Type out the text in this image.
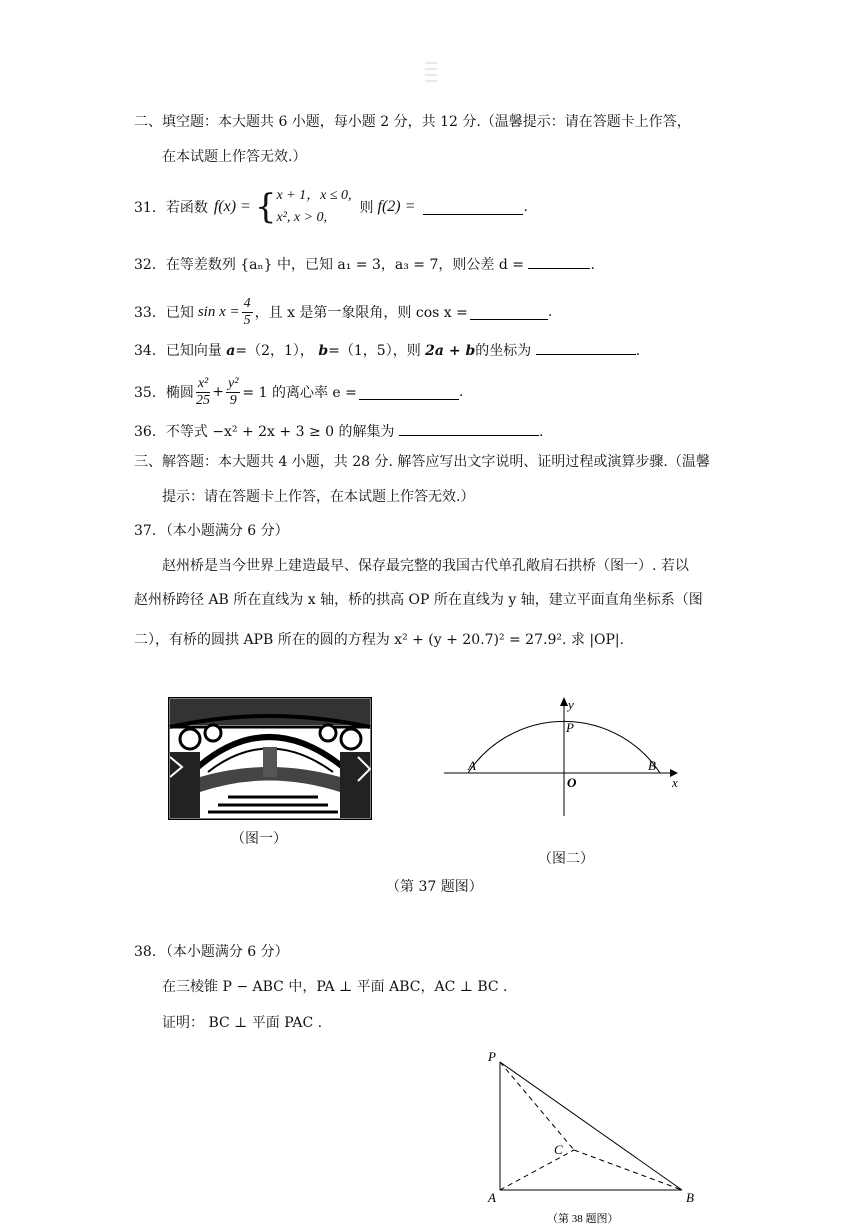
二、填空题：本大题共 6 小题，每小题 2 分，共 12 分.（温馨提示：请在答题卡上作答，
在本试题上作答无效.）
31． 若函数 f(x) = { x + 1，x ≤ 0,
x², x > 0,
则 f(2) =	.
32．在等差数列 {aₙ} 中，已知 a₁ = 3，a₃ = 7，则公差 d =	.
33． 已知 $\sin x = \frac{4}{5}$ ，且 x 是第一象限角，则 cos x =	.
34．已知向量 a=（2，1）， b=（1，5），则 2a + b的坐标为	.
35． 椭圆 $\frac{\text{x²}}{25} + \frac{\text{y²}}{9} = 1$ 的离心率 e =	.
36．不等式 −x² + 2x + 3 ≥ 0 的解集为	.
三、解答题：本大题共 4 小题，共 28 分. 解答应写出文字说明、证明过程或演算步骤.（温馨
提示：请在答题卡上作答，在本试题上作答无效.）
37．（本小题满分 6 分）
赵州桥是当今世界上建造最早、保存最完整的我国古代单孔敞肩石拱桥（图一）. 若以
赵州桥跨径 AB 所在直线为 x 轴，桥的拱高 OP 所在直线为 y 轴，建立平面直角坐标系（图
二），有桥的圆拱 APB 所在的圆的方程为 x² + (y + 20.7)² = 27.9². 求 |OP|.
（图一）
y
P
A	B
O	x
（图二）
（第 37 题图）
38．（本小题满分 6 分）
在三棱锥 P − ABC 中，PA ⊥ 平面 ABC，AC ⊥ BC .
证明： BC ⊥ 平面 PAC .
P
C
A	B
（第 38 题图）
